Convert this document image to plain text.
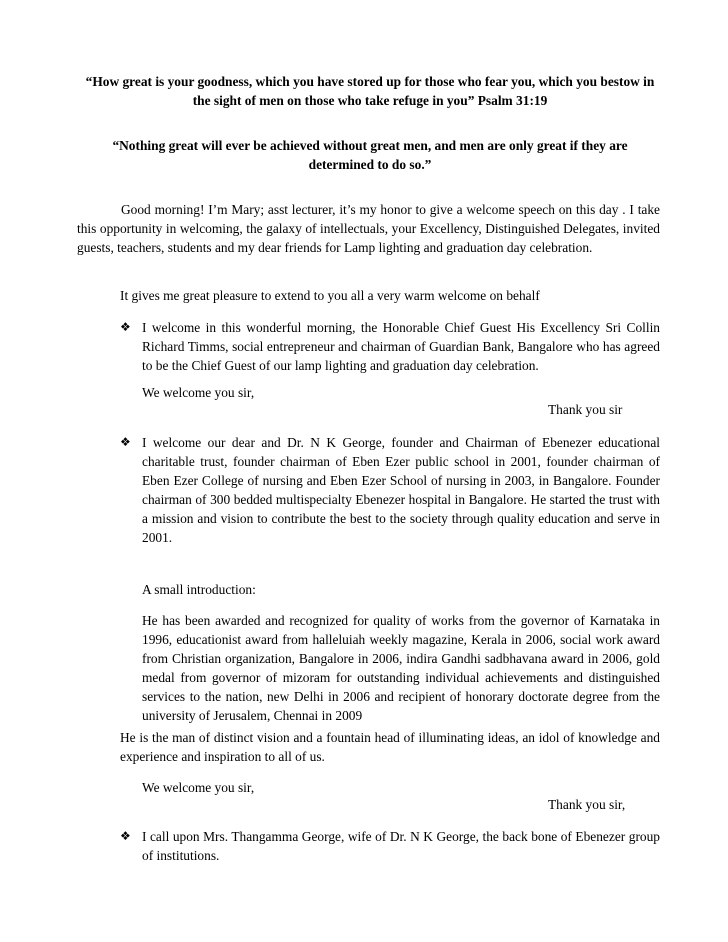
“How great is your goodness, which you have stored up for those who fear you, which you bestow in the sight of men on those who take refuge in you” Psalm 31:19
“Nothing great will ever be achieved without great men, and men are only great if they are determined to do so.”

Good morning! I’m Mary; asst lecturer, it’s my honor to give a welcome speech on this day . I take this opportunity in welcoming, the galaxy of intellectuals, your Excellency, Distinguished Delegates, invited guests, teachers, students and my dear friends for Lamp lighting and graduation day celebration.

It gives me great pleasure to extend to you all a very warm welcome on behalf

❖ I welcome in this wonderful morning, the Honorable Chief Guest His Excellency Sri Collin Richard Timms, social entrepreneur and chairman of Guardian Bank, Bangalore who has agreed to be the Chief Guest of our lamp lighting and graduation day celebration.
We welcome you sir,
Thank you sir
❖ I welcome our dear and Dr. N K George, founder and Chairman of Ebenezer educational charitable trust, founder chairman of Eben Ezer public school in 2001, founder chairman of Eben Ezer College of nursing and Eben Ezer School of nursing in 2003, in Bangalore. Founder chairman of 300 bedded multispecialty Ebenezer hospital in Bangalore. He started the trust with a mission and vision to contribute the best to the society through quality education and serve in 2001.
A small introduction:
He has been awarded and recognized for quality of works from the governor of Karnataka in 1996, educationist award from halleluiah weekly magazine, Kerala in 2006, social work award from Christian organization, Bangalore in 2006, indira Gandhi sadbhavana award in 2006, gold medal from governor of mizoram for outstanding individual achievements and distinguished services to the nation, new Delhi in 2006 and recipient of honorary doctorate degree from the university of Jerusalem, Chennai in 2009

He is the man of distinct vision and a fountain head of illuminating ideas, an idol of knowledge and experience and inspiration to all of us.

We welcome you sir,
Thank you sir,
❖ I call upon Mrs. Thangamma George, wife of Dr. N K George, the back bone of Ebenezer group of institutions.
